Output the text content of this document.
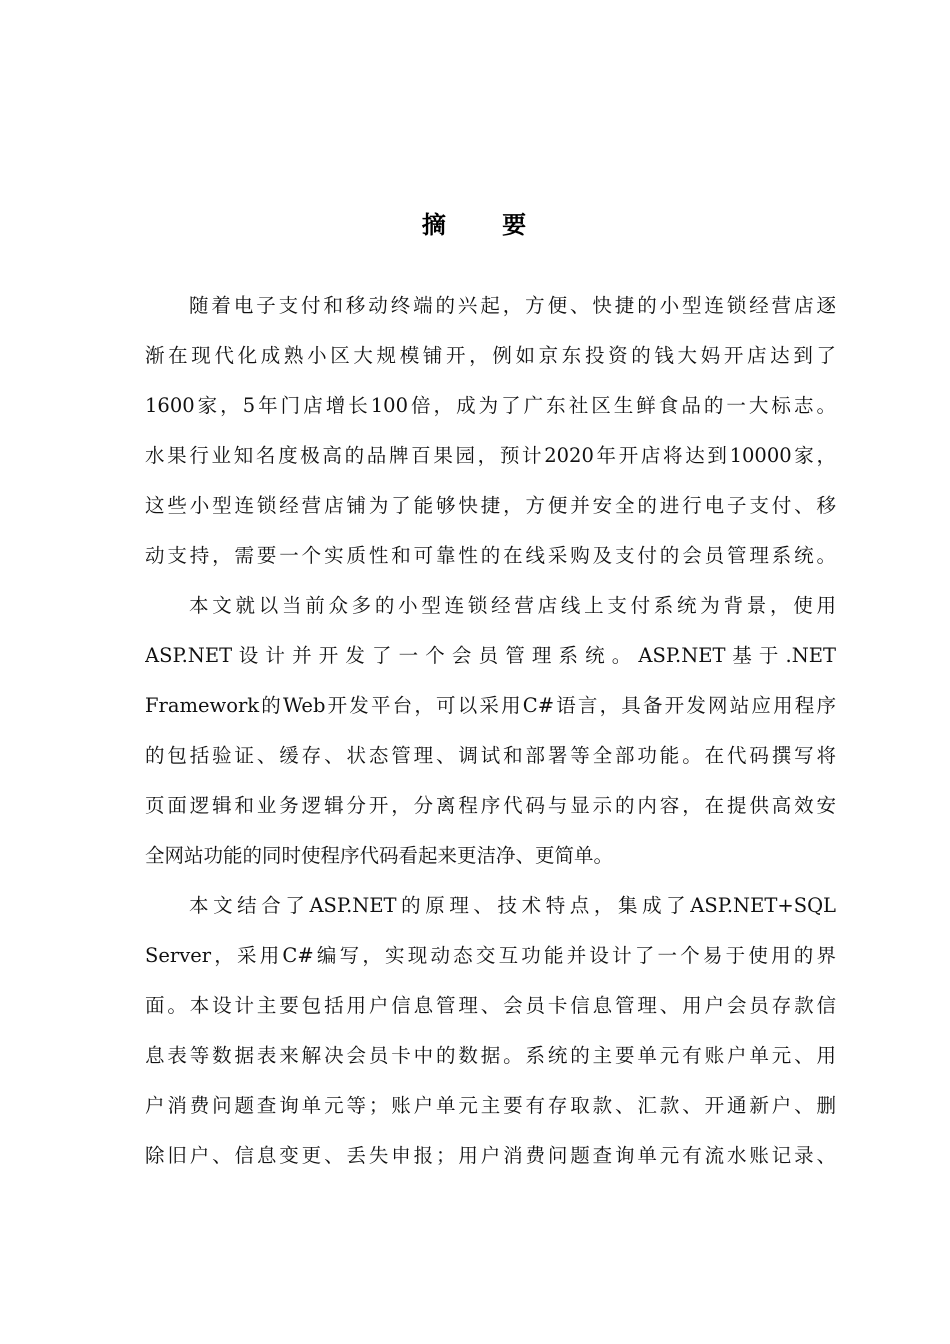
摘 要
随着电子支付和移动终端的兴起，方便、快捷的小型连锁经营店逐
渐在现代化成熟小区大规模铺开，例如京东投资的钱大妈开店达到了
1600家，5年门店增长100倍，成为了广东社区生鲜食品的一大标志。
水果行业知名度极高的品牌百果园，预计2020年开店将达到10000家，
这些小型连锁经营店铺为了能够快捷，方便并安全的进行电子支付、移
动支持，需要一个实质性和可靠性的在线采购及支付的会员管理系统。
本文就以当前众多的小型连锁经营店线上支付系统为背景，使用
ASP.NET 设 计 并 开 发 了 一 个 会 员 管 理 系 统 。 ASP.NET 基 于 .NET
Framework的Web开发平台，可以采用C#语言，具备开发网站应用程序
的包括验证、缓存、状态管理、调试和部署等全部功能。在代码撰写将
页面逻辑和业务逻辑分开，分离程序代码与显示的内容，在提供高效安
全网站功能的同时使程序代码看起来更洁净、更简单。
本文结合了ASP.NET的原理、技术特点，集成了ASP.NET+SQL
Server，采用C#编写，实现动态交互功能并设计了一个易于使用的界
面。本设计主要包括用户信息管理、会员卡信息管理、用户会员存款信
息表等数据表来解决会员卡中的数据。系统的主要单元有账户单元、用
户消费问题查询单元等；账户单元主要有存取款、汇款、开通新户、删
除旧户、信息变更、丢失申报；用户消费问题查询单元有流水账记录、
